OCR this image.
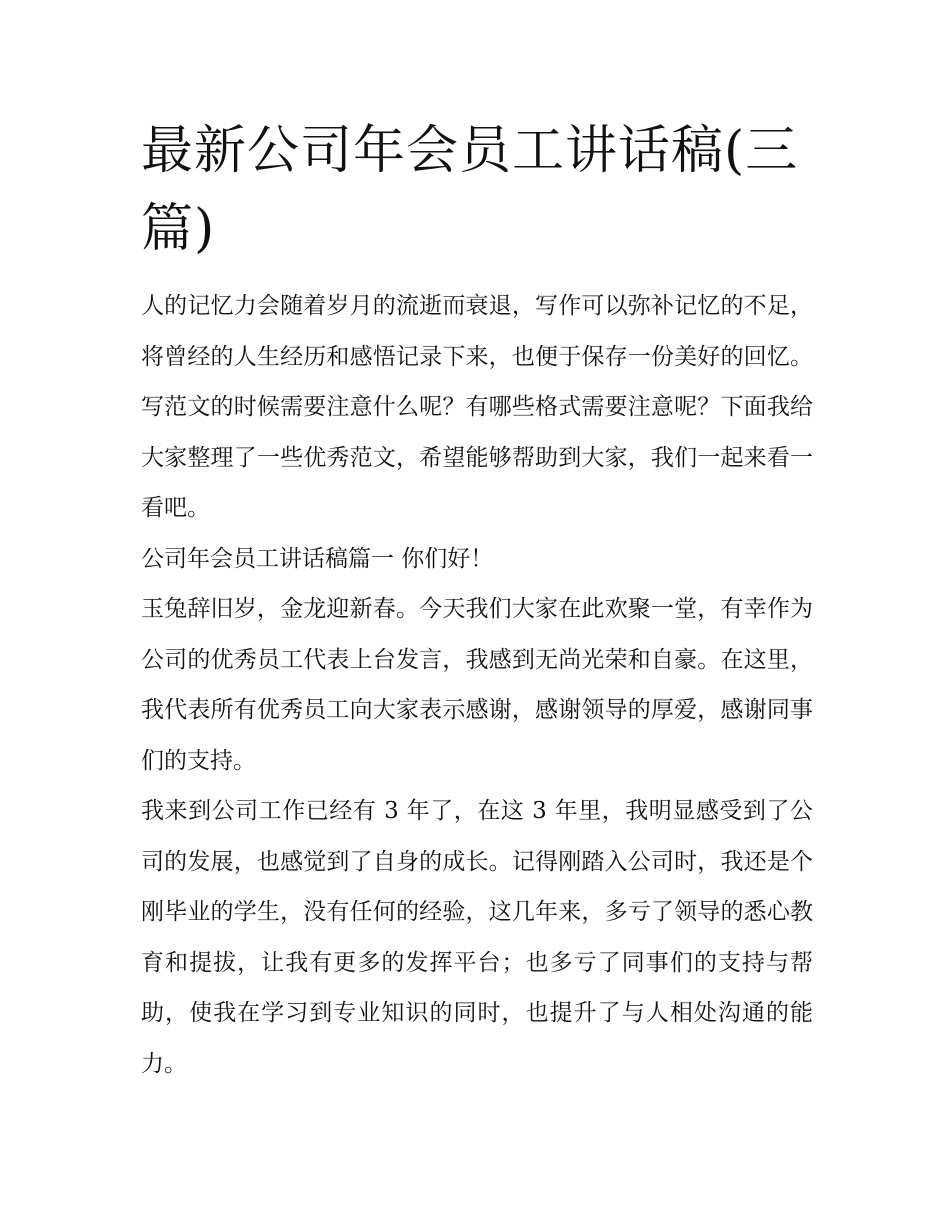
最新公司年会员工讲话稿(三篇)

人的记忆力会随着岁月的流逝而衰退，写作可以弥补记忆的不足，将曾经的人生经历和感悟记录下来，也便于保存一份美好的回忆。写范文的时候需要注意什么呢？有哪些格式需要注意呢？下面我给大家整理了一些优秀范文，希望能够帮助到大家，我们一起来看一看吧。

公司年会员工讲话稿篇一 你们好！

玉兔辞旧岁，金龙迎新春。今天我们大家在此欢聚一堂，有幸作为公司的优秀员工代表上台发言，我感到无尚光荣和自豪。在这里，我代表所有优秀员工向大家表示感谢，感谢领导的厚爱，感谢同事们的支持。

我来到公司工作已经有 3 年了，在这 3 年里，我明显感受到了公司的发展，也感觉到了自身的成长。记得刚踏入公司时，我还是个刚毕业的学生，没有任何的经验，这几年来，多亏了领导的悉心教育和提拔，让我有更多的发挥平台；也多亏了同事们的支持与帮助，使我在学习到专业知识的同时，也提升了与人相处沟通的能力。
